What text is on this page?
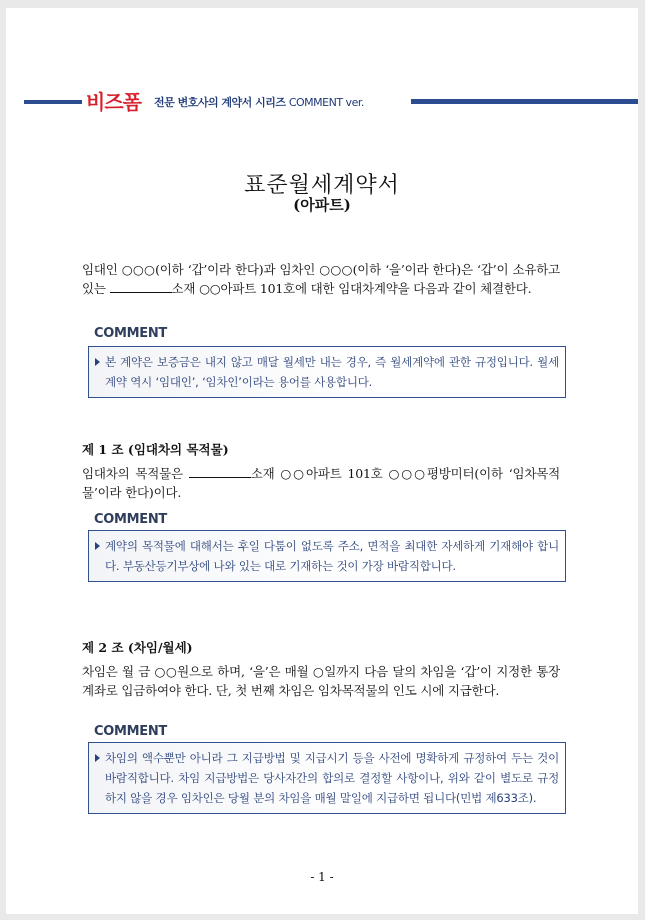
비즈폼 전문 변호사의 계약서 시리즈 COMMENT ver.
표준월세계약서
(아파트)
임대인 ○○○(이하 ‘갑’이라 한다)과 임차인 ○○○(이하 ‘을’이라 한다)은 ‘갑’이 소유하고 있는	소재 ○○아파트 101호에 대한 임대차계약을 다음과 같이 체결한다.
COMMENT
본 계약은 보증금은 내지 않고 매달 월세만 내는 경우, 즉 월세계약에 관한 규정입니다. 월세계약 역시 ‘임대인’, ‘임차인’이라는 용어를 사용합니다.
제 1 조 (임대차의 목적물)
임대차의 목적물은	소재 ○○아파트 101호 ○○○평방미터(이하 ‘임차목적물’이라 한다)이다.
COMMENT
계약의 목적물에 대해서는 후일 다툼이 없도록 주소, 면적을 최대한 자세하게 기재해야 합니다. 부동산등기부상에 나와 있는 대로 기재하는 것이 가장 바람직합니다.
제 2 조 (차임/월세)
차임은 월 금 ○○원으로 하며, ‘을’은 매월 ○일까지 다음 달의 차임을 ‘갑’이 지정한 통장계좌로 입금하여야 한다. 단, 첫 번째 차임은 임차목적물의 인도 시에 지급한다.
COMMENT
차임의 액수뿐만 아니라 그 지급방법 및 지급시기 등을 사전에 명확하게 규정하여 두는 것이 바람직합니다. 차임 지급방법은 당사자간의 합의로 결정할 사항이나, 위와 같이 별도로 규정하지 않을 경우 임차인은 당월 분의 차임을 매월 말일에 지급하면 됩니다(민법 제633조).
- 1 -
